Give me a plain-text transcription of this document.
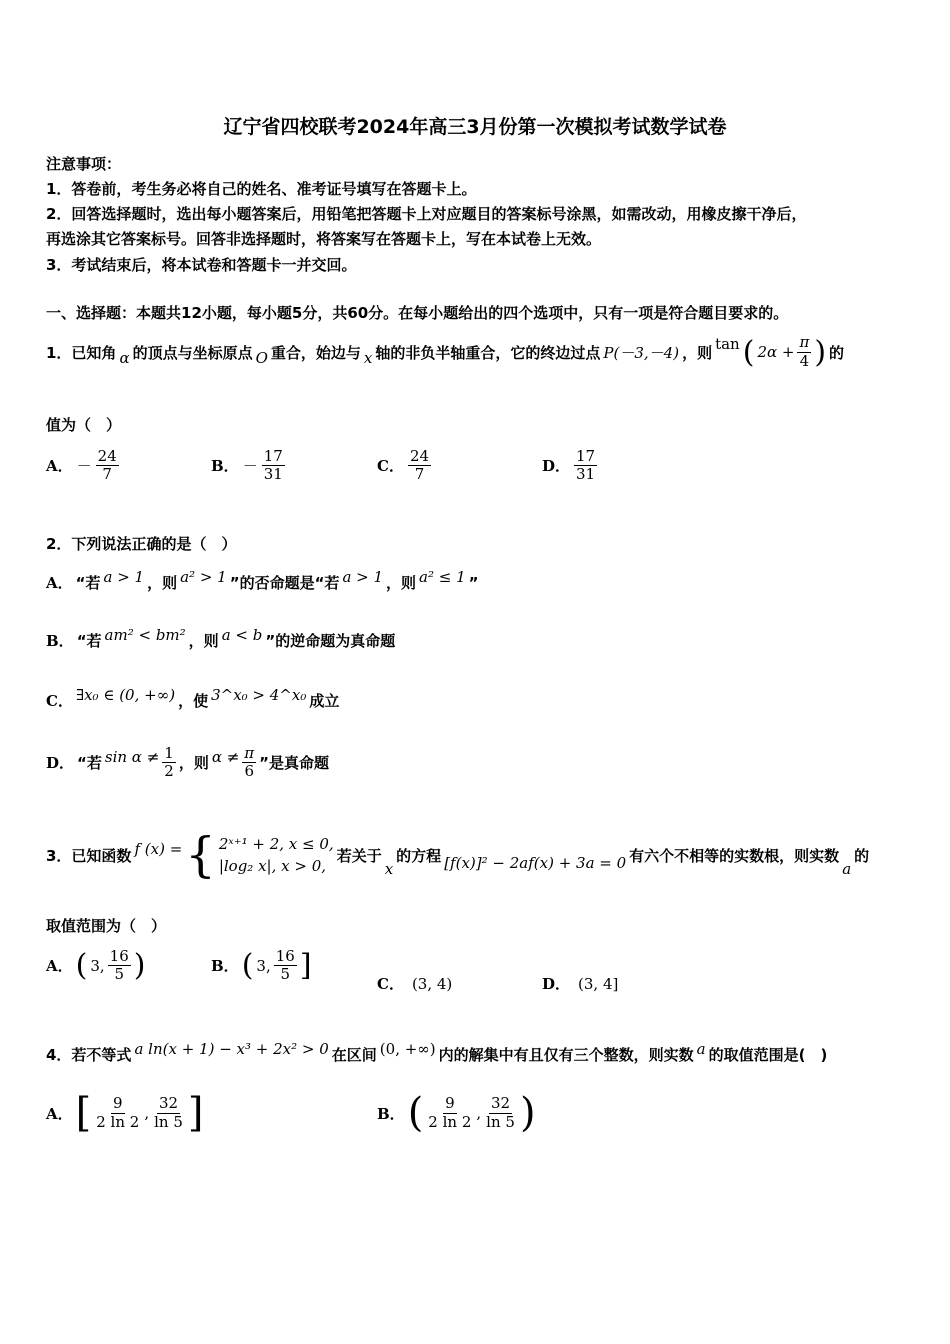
辽宁省四校联考2024年高三3月份第一次模拟考试数学试卷
注意事项：
1．答卷前，考生务必将自己的姓名、准考证号填写在答题卡上。
2．回答选择题时，选出每小题答案后，用铅笔把答题卡上对应题目的答案标号涂黑，如需改动，用橡皮擦干净后，
再选涂其它答案标号。回答非选择题时，将答案写在答题卡上，写在本试卷上无效。
3．考试结束后，将本试卷和答题卡一并交回。
一、选择题：本题共12小题，每小题5分，共60分。在每小题给出的四个选项中，只有一项是符合题目要求的。
1．已知角 α 的顶点与坐标原点 O 重合，始边与 x 轴的非负半轴重合，它的终边过点 P(－3,－4) ，则 tan ( $2\alpha + \frac{\pi}{4}$ ) 的
值为（　）
A． － $\frac{24}{7}$	B． － $\frac{17}{31}$	C． $\frac{24}{7}$	D． $\frac{17}{31}$
2．下列说法正确的是（　）
A． “若 a > 1 ，则 a² > 1 ”的否命题是“若 a > 1 ，则 a² ≤ 1 ”
B． “若 am² < bm² ，则 a < b ”的逆命题为真命题
C． ∃x₀ ∈ (0, +∞) ，使 3^x₀ > 4^x₀ 成立
D． “若 $\sin \alpha \ne \frac{1}{2}$ ，则 $\alpha \ne \frac{\pi}{6}$ ”是真命题
3．已知函数 f (x) = { 2ˣ⁺¹ + 2, x ≤ 0,
|log₂ x|, x > 0,
若关于
x
的方程 [f(x)]² − 2af(x) + 3a = 0 有六个不相等的实数根，则实数
a
的
取值范围为（　）
A． ( 3, $\frac{16}{5}$ )	B． ( 3, $\frac{16}{5}$ ]
C． (3, 4)	D． (3, 4]
4．若不等式 a ln(x + 1) − x³ + 2x² > 0 在区间 (0, +∞) 内的解集中有且仅有三个整数，则实数 a 的取值范围是(　)
A． [ $\frac{9}{2 \ln 2}$ , $\frac{32}{\ln 5}$ ]	B． ( $\frac{9}{2 \ln 2}$ , $\frac{32}{\ln 5}$ )
